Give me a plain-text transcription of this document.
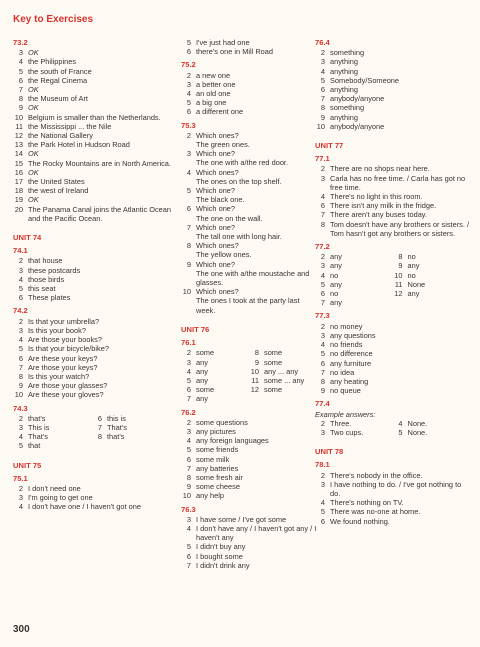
Key to Exercises
73.2
3 OK
4 the Philippines
5 the south of France
6 the Regal Cinema
7 OK
8 the Museum of Art
9 OK
10 Belgium is smaller than the Netherlands.
11 the Mississippi ... the Nile
12 the National Gallery
13 the Park Hotel in Hudson Road
14 OK
15 The Rocky Mountains are in North America.
16 OK
17 the United States
18 the west of Ireland
19 OK
20 The Panama Canal joins the Atlantic Ocean and the Pacific Ocean.
UNIT 74
74.1
2 that house
3 these postcards
4 those birds
5 this seat
6 These plates
74.2
2 Is that your umbrella?
3 Is this your book?
4 Are those your books?
5 Is that your bicycle/bike?
6 Are these your keys?
7 Are those your keys?
8 Is this your watch?
9 Are those your glasses?
10 Are these your gloves?
74.3
2 that's	6 this is
3 This is	7 That's
4 That's	8 that's
5 that
UNIT 75
75.1
2 I don't need one
3 I'm going to get one
4 I don't have one / I haven't got one
5 I've just had one
6 there's one in Mill Road
75.2
2 a new one
3 a better one
4 an old one
5 a big one
6 a different one
75.3
2 Which ones?
The green ones.
3 Which one?
The one with a/the red door.
4 Which ones?
The ones on the top shelf.
5 Which one?
The black one.
6 Which one?
The one on the wall.
7 Which one?
The tall one with long hair.
8 Which ones?
The yellow ones.
9 Which one?
The one with a/the moustache and glasses.
10 Which ones?
The ones I took at the party last week.
UNIT 76
76.1
2 some	8 some
3 any	9 some
4 any	10 any ... any
5 any	11 some ... any
6 some	12 some
7 any
76.2
2 some questions
3 any pictures
4 any foreign languages
5 some friends
6 some milk
7 any batteries
8 some fresh air
9 some cheese
10 any help
76.3
3 I have some / I've got some
4 I don't have any / I haven't got any / I haven't any
5 I didn't buy any
6 I bought some
7 I didn't drink any
76.4
2 something
3 anything
4 anything
5 Somebody/Someone
6 anything
7 anybody/anyone
8 something
9 anything
10 anybody/anyone
UNIT 77
77.1
2 There are no shops near here.
3 Carla has no free time. / Carla has got no free time.
4 There's no light in this room.
6 There isn't any milk in the fridge.
7 There aren't any buses today.
8 Tom doesn't have any brothers or sisters. / Tom hasn't got any brothers or sisters.
77.2
2 any	8 no
3 any	9 any
4 no	10 no
5 any	11 None
6 no	12 any
7 any
77.3
2 no money
3 any questions
4 no friends
5 no difference
6 any furniture
7 no idea
8 any heating
9 no queue
77.4
Example answers:
2 Three.	4 None.
3 Two cups.	5 None.
UNIT 78
78.1
2 There's nobody in the office.
3 I have nothing to do. / I've got nothing to do.
4 There's nothing on TV.
5 There was no-one at home.
6 We found nothing.
300
